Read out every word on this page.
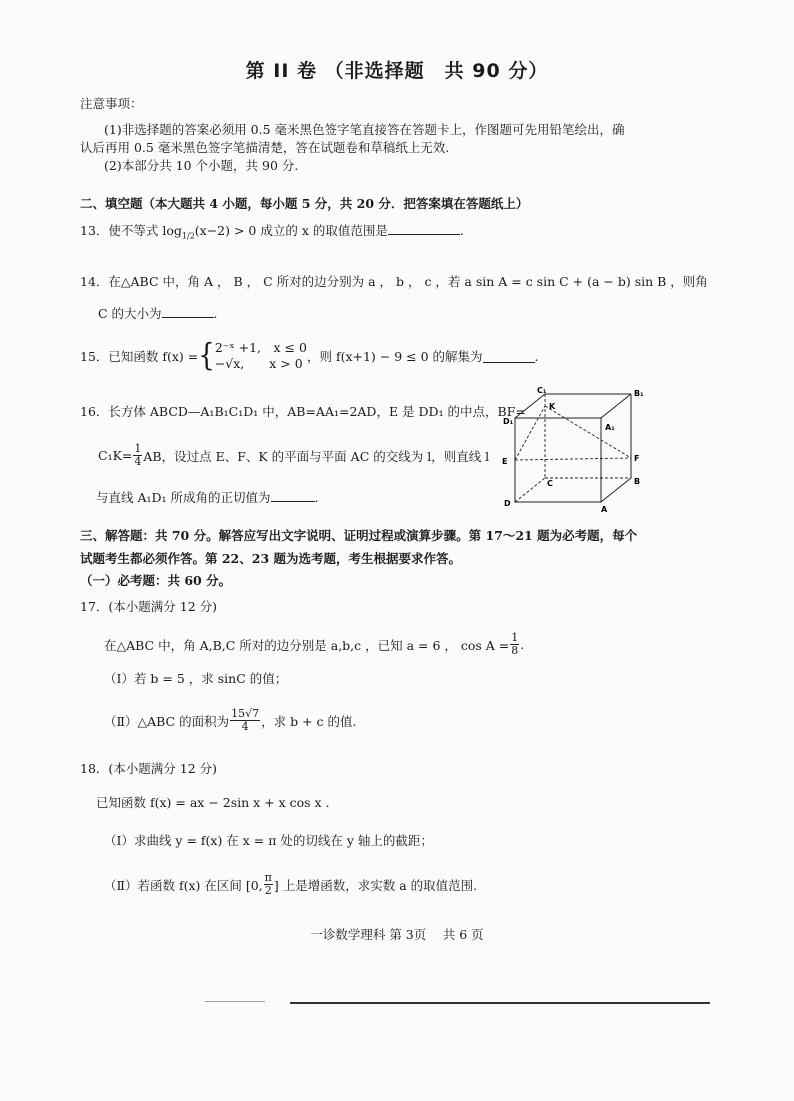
第 II 卷 （非选择题　共 90 分）
注意事项：
(1)非选择题的答案必须用 0.5 毫米黑色签字笔直接答在答题卡上，作图题可先用铅笔绘出，确
认后再用 0.5 毫米黑色签字笔描清楚，答在试题卷和草稿纸上无效.
(2)本部分共 10 个小题，共 90 分.
二、填空题（本大题共 4 小题，每小题 5 分，共 20 分．把答案填在答题纸上）
13．使不等式 $\log_{1/2}(x-2) > 0$ 成立的 x 的取值范围是	.
14．在△ABC 中，角 A ， B ， C 所对的边分别为 a ， b ， c ，若 a sin A = c sin C + (a − b) sin B ，则角
C 的大小为	.
15．已知函数 f(x) = { 2⁻ˣ +1,　x ≤ 0
−√x,　　x > 0 ，则 f(x+1) − 9 ≤ 0 的解集为	.
16．长方体 ABCD—A₁B₁C₁D₁ 中，AB=AA₁=2AD，E 是 DD₁ 的中点，BF=
$C_1K= \frac{1}{4}$ AB，设过点 E、F、K 的平面与平面 AC 的交线为 l，则直线 l
与直线 A₁D₁ 所成角的正切值为	.
C₁	B₁
K
D₁
A₁
E	F
C	B
D
A
三、解答题：共 70 分。解答应写出文字说明、证明过程或演算步骤。第 17～21 题为必考题，每个
试题考生都必须作答。第 22、23 题为选考题，考生根据要求作答。
（一）必考题：共 60 分。
17．(本小题满分 12 分)
在△ABC 中，角 A,B,C 所对的边分别是 a,b,c ，已知 a = 6 ， $\cos A = \frac{1}{8}$ .
（Ⅰ）若 b = 5 ，求 sinC 的值；
（Ⅱ）△ABC 的面积为 $\frac{15√7}{4}$ ，求 b + c 的值.
18．(本小题满分 12 分)
已知函数 f(x) = ax − 2sin x + x cos x .
（Ⅰ）求曲线 y = f(x) 在 x = π 处的切线在 y 轴上的截距；
（Ⅱ）若函数 f(x) 在区间 [0, $\frac{\pi}{2}$ ] 上是增函数，求实数 a 的取值范围.
一诊数学理科 第 3页　 共 6 页
